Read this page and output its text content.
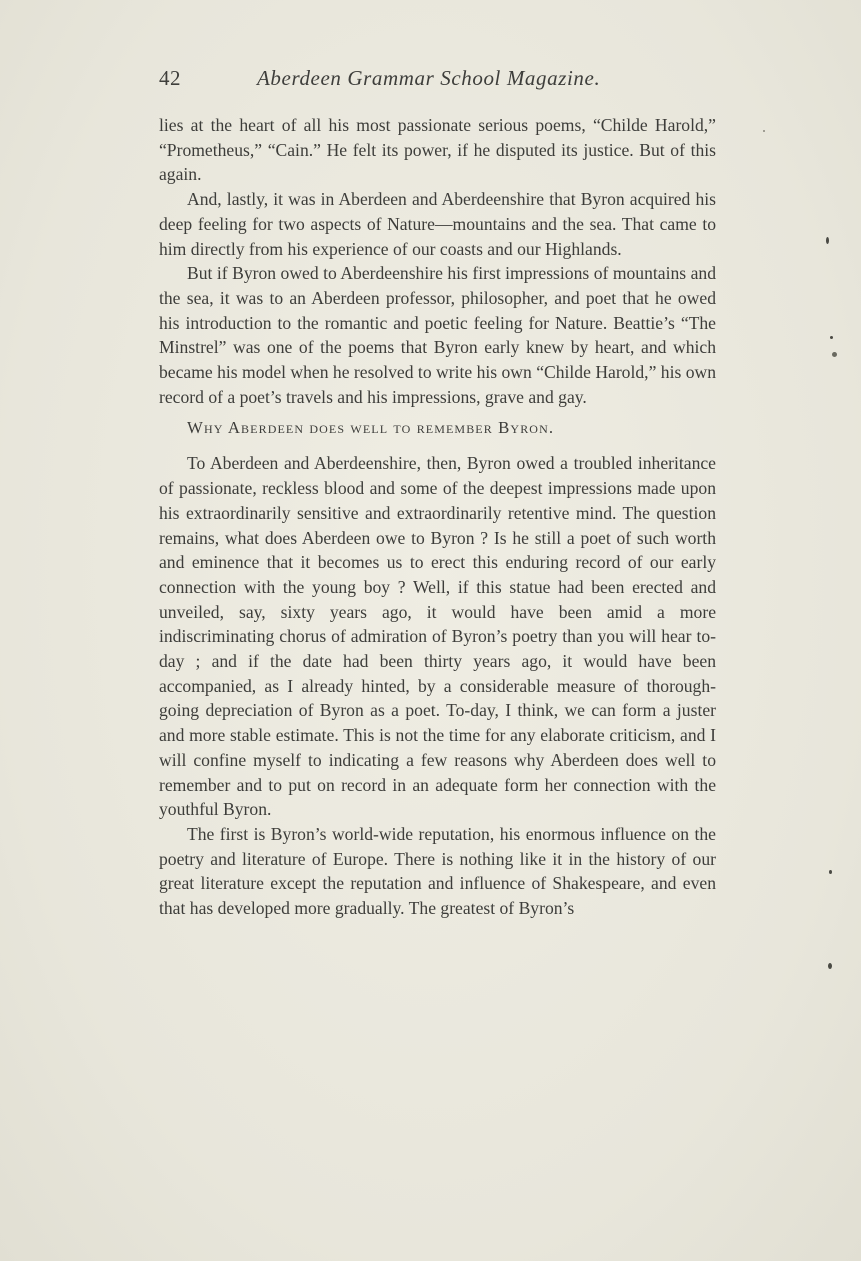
42	Aberdeen Grammar School Magazine.

lies at the heart of all his most passionate serious poems, “Childe Harold,” “Prometheus,” “Cain.” He felt its power, if he disputed its justice. But of this again.

And, lastly, it was in Aberdeen and Aberdeenshire that Byron acquired his deep feeling for two aspects of Nature—mountains and the sea. That came to him directly from his experience of our coasts and our Highlands.

But if Byron owed to Aberdeenshire his first impressions of mountains and the sea, it was to an Aberdeen professor, philosopher, and poet that he owed his introduction to the romantic and poetic feeling for Nature. Beattie’s “The Minstrel” was one of the poems that Byron early knew by heart, and which became his model when he resolved to write his own “Childe Harold,” his own record of a poet’s travels and his impressions, grave and gay.

Why Aberdeen does well to remember Byron.

To Aberdeen and Aberdeenshire, then, Byron owed a troubled inheritance of passionate, reckless blood and some of the deepest impressions made upon his extraordinarily sensitive and extraordinarily retentive mind. The question remains, what does Aberdeen owe to Byron ? Is he still a poet of such worth and eminence that it becomes us to erect this enduring record of our early connection with the young boy ? Well, if this statue had been erected and unveiled, say, sixty years ago, it would have been amid a more indiscriminating chorus of admiration of Byron’s poetry than you will hear to-day ; and if the date had been thirty years ago, it would have been accompanied, as I already hinted, by a considerable measure of thorough-going depreciation of Byron as a poet. To-day, I think, we can form a juster and more stable estimate. This is not the time for any elaborate criticism, and I will confine myself to indicating a few reasons why Aberdeen does well to remember and to put on record in an adequate form her connection with the youthful Byron.

The first is Byron’s world-wide reputation, his enormous influence on the poetry and literature of Europe. There is nothing like it in the history of our great literature except the reputation and influence of Shakespeare, and even that has developed more gradually. The greatest of Byron’s
